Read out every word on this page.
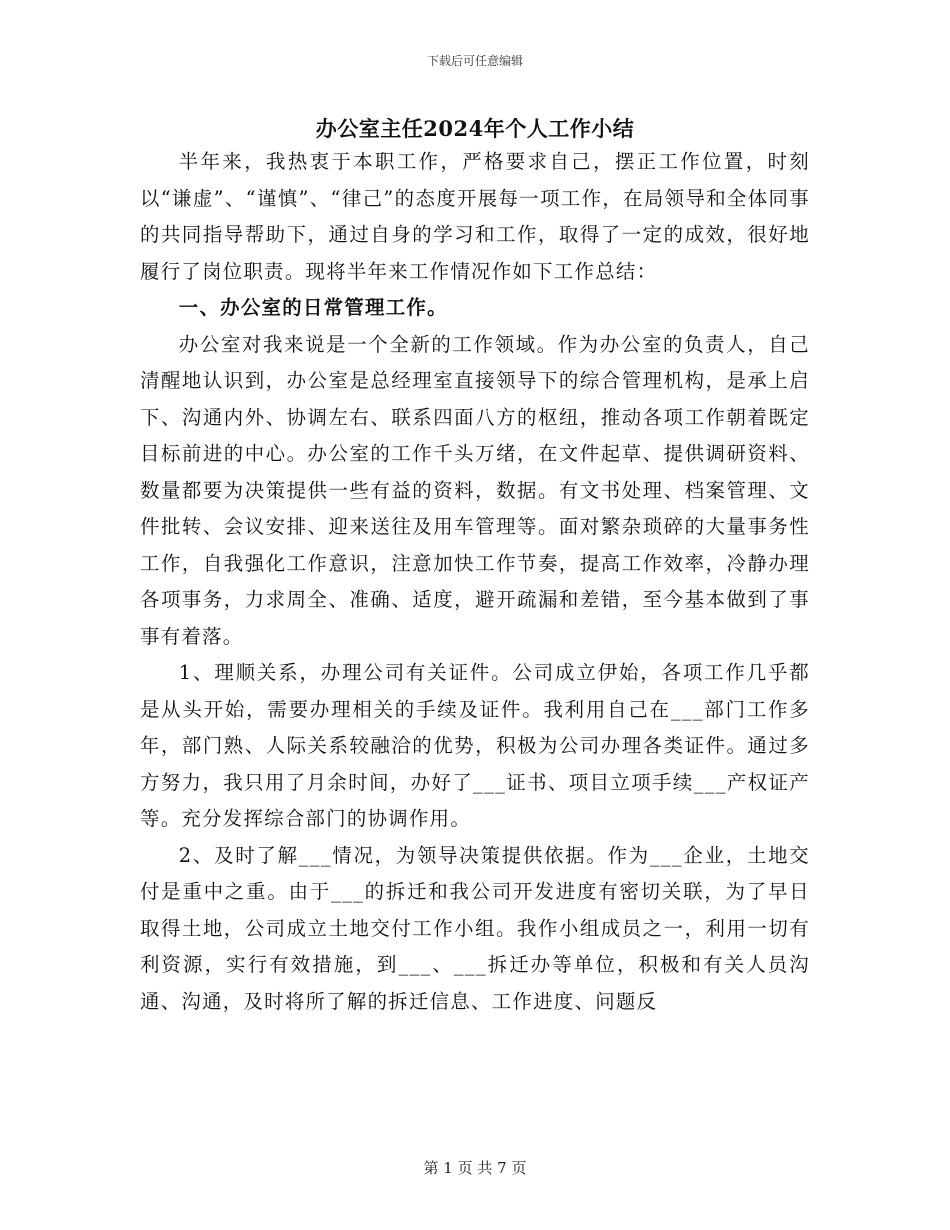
下载后可任意编辑
办公室主任2024年个人工作小结

半年来，我热衷于本职工作，严格要求自己，摆正工作位置，时刻以“谦虚”、“谨慎”、“律己”的态度开展每一项工作，在局领导和全体同事的共同指导帮助下，通过自身的学习和工作，取得了一定的成效，很好地履行了岗位职责。现将半年来工作情况作如下工作总结：

一、办公室的日常管理工作。

办公室对我来说是一个全新的工作领域。作为办公室的负责人，自己清醒地认识到，办公室是总经理室直接领导下的综合管理机构，是承上启下、沟通内外、协调左右、联系四面八方的枢纽，推动各项工作朝着既定目标前进的中心。办公室的工作千头万绪，在文件起草、提供调研资料、数量都要为决策提供一些有益的资料，数据。有文书处理、档案管理、文件批转、会议安排、迎来送往及用车管理等。面对繁杂琐碎的大量事务性工作，自我强化工作意识，注意加快工作节奏，提高工作效率，冷静办理各项事务，力求周全、准确、适度，避开疏漏和差错，至今基本做到了事事有着落。

1、理顺关系，办理公司有关证件。公司成立伊始，各项工作几乎都是从头开始，需要办理相关的手续及证件。我利用自己在___部门工作多年，部门熟、人际关系较融洽的优势，积极为公司办理各类证件。通过多方努力，我只用了月余时间，办好了___证书、项目立项手续___产权证产等。充分发挥综合部门的协调作用。

2、及时了解___情况，为领导决策提供依据。作为___企业，土地交付是重中之重。由于___的拆迁和我公司开发进度有密切关联，为了早日取得土地，公司成立土地交付工作小组。我作小组成员之一，利用一切有利资源，实行有效措施，到___、___拆迁办等单位，积极和有关人员沟通、沟通，及时将所了解的拆迁信息、工作进度、问题反

第 1 页 共 7 页
